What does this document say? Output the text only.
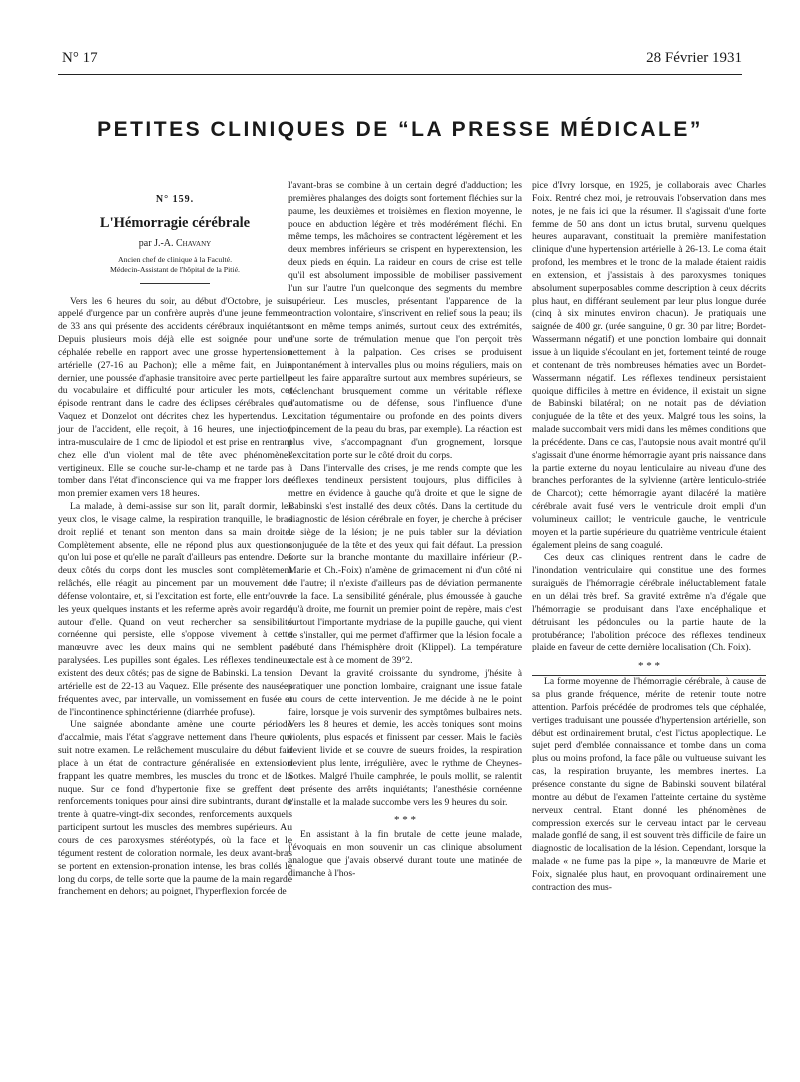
N° 17	28 Février 1931
PETITES CLINIQUES DE “LA PRESSE MÉDICALE”
N° 159.
L'Hémorragie cérébrale
par J.-A. Chavany
Ancien chef de clinique à la Faculté.
Médecin-Assistant de l'hôpital de la Pitié.

Vers les 6 heures du soir, au début d'Octobre, je suis appelé d'urgence par un confrère auprès d'une jeune femme de 33 ans qui présente des accidents cérébraux inquiétants. Depuis plusieurs mois déjà elle est soignée pour une céphalée rebelle en rapport avec une grosse hypertension artérielle (27-16 au Pachon); elle a même fait, en Juin dernier, une poussée d'aphasie transitoire avec perte partielle du vocabulaire et difficulté pour articuler les mots, cet épisode rentrant dans le cadre des éclipses cérébrales que Vaquez et Donzelot ont décrites chez les hypertendus. Le jour de l'accident, elle reçoit, à 16 heures, une injection intra-musculaire de 1 cmc de lipiodol et est prise en rentrant chez elle d'un violent mal de tête avec phénomènes vertigineux. Elle se couche sur-le-champ et ne tarde pas à tomber dans l'état d'inconscience qui va me frapper lors de mon premier examen vers 18 heures.

La malade, à demi-assise sur son lit, paraît dormir, les yeux clos, le visage calme, la respiration tranquille, le bras droit replié et tenant son menton dans sa main droite. Complètement absente, elle ne répond plus aux questions qu'on lui pose et qu'elle ne paraît d'ailleurs pas entendre. Des deux côtés du corps dont les muscles sont complètement relâchés, elle réagit au pincement par un mouvement de défense volontaire, et, si l'excitation est forte, elle entr'ouvre les yeux quelques instants et les referme après avoir regardé autour d'elle. Quand on veut rechercher sa sensibilité cornéenne qui persiste, elle s'oppose vivement à cette manœuvre avec les deux mains qui ne semblent pas paralysées. Les pupilles sont égales. Les réflexes tendineux existent des deux côtés; pas de signe de Babinski. La tension artérielle est de 22-13 au Vaquez. Elle présente des nausées fréquentes avec, par intervalle, un vomissement en fusée et de l'incontinence sphinctérienne (diarrhée profuse).

Une saignée abondante amène une courte période d'accalmie, mais l'état s'aggrave nettement dans l'heure qui suit notre examen. Le relâchement musculaire du début fait place à un état de contracture généralisée en extension frappant les quatre membres, les muscles du tronc et de la nuque. Sur ce fond d'hypertonie fixe se greffent des renforcements toniques pour ainsi dire subintrants, durant de trente à quatre-vingt-dix secondes, renforcements auxquels participent surtout les muscles des membres supérieurs. Au cours de ces paroxysmes stéréotypés, où la face et le tégument restent de coloration normale, les deux avant-bras se portent en extension-pronation intense, les bras collés le long du corps, de telle sorte que la paume de la main regarde franchement en dehors; au poignet, l'hyperflexion forcée de

l'avant-bras se combine à un certain degré d'adduction; les premières phalanges des doigts sont fortement fléchies sur la paume, les deuxièmes et troisièmes en flexion moyenne, le pouce en abduction légère et très modérément fléchi. En même temps, les mâchoires se contractent légèrement et les deux membres inférieurs se crispent en hyperextension, les deux pieds en équin. La raideur en cours de crise est telle qu'il est absolument impossible de mobiliser passivement l'un sur l'autre l'un quelconque des segments du membre supérieur. Les muscles, présentant l'apparence de la contraction volontaire, s'inscrivent en relief sous la peau; ils sont en même temps animés, surtout ceux des extrémités, d'une sorte de trémulation menue que l'on perçoit très nettement à la palpation. Ces crises se produisent spontanément à intervalles plus ou moins réguliers, mais on peut les faire apparaître surtout aux membres supérieurs, se déclenchant brusquement comme un véritable réflexe d'automatisme ou de défense, sous l'influence d'une excitation tégumentaire ou profonde en des points divers (pincement de la peau du bras, par exemple). La réaction est plus vive, s'accompagnant d'un grognement, lorsque l'excitation porte sur le côté droit du corps.

Dans l'intervalle des crises, je me rends compte que les réflexes tendineux persistent toujours, plus difficiles à mettre en évidence à gauche qu'à droite et que le signe de Babinski s'est installé des deux côtés. Dans la certitude du diagnostic de lésion cérébrale en foyer, je cherche à préciser le siège de la lésion; je ne puis tabler sur la déviation conjuguée de la tête et des yeux qui fait défaut. La pression forte sur la branche montante du maxillaire inférieur (P.-Marie et Ch.-Foix) n'amène de grimacement ni d'un côté ni de l'autre; il n'existe d'ailleurs pas de déviation permanente de la face. La sensibilité générale, plus émoussée à gauche qu'à droite, me fournit un premier point de repère, mais c'est surtout l'importante mydriase de la pupille gauche, qui vient de s'installer, qui me permet d'affirmer que la lésion focale a débuté dans l'hémisphère droit (Klippel). La température rectale est à ce moment de 39°2.

Devant la gravité croissante du syndrome, j'hésite à pratiquer une ponction lombaire, craignant une issue fatale au cours de cette intervention. Je me décide à ne le point faire, lorsque je vois survenir des symptômes bulbaires nets. Vers les 8 heures et demie, les accès toniques sont moins violents, plus espacés et finissent par cesser. Mais le faciès devient livide et se couvre de sueurs froides, la respiration devient plus lente, irrégulière, avec le rythme de Cheynes-Sotkes. Malgré l'huile camphrée, le pouls mollit, se ralentit et présente des arrêts inquiétants; l'anesthésie cornéenne s'installe et la malade succombe vers les 9 heures du soir.

* * *

En assistant à la fin brutale de cette jeune malade, j'évoquais en mon souvenir un cas clinique absolument analogue que j'avais observé durant toute une matinée de dimanche à l'hos-

pice d'Ivry lorsque, en 1925, je collaborais avec Charles Foix. Rentré chez moi, je retrouvais l'observation dans mes notes, je ne fais ici que la résumer. Il s'agissait d'une forte femme de 50 ans dont un ictus brutal, survenu quelques heures auparavant, constituait la première manifestation clinique d'une hypertension artérielle à 26-13. Le coma était profond, les membres et le tronc de la malade étaient raidis en extension, et j'assistais à des paroxysmes toniques absolument superposables comme description à ceux décrits plus haut, en différant seulement par leur plus longue durée (cinq à six minutes environ chacun). Je pratiquais une saignée de 400 gr. (urée sanguine, 0 gr. 30 par litre; Bordet-Wassermann négatif) et une ponction lombaire qui donnait issue à un liquide s'écoulant en jet, fortement teinté de rouge et contenant de très nombreuses hématies avec un Bordet-Wassermann négatif. Les réflexes tendineux persistaient quoique difficiles à mettre en évidence, il existait un signe de Babinski bilatéral; on ne notait pas de déviation conjuguée de la tête et des yeux. Malgré tous les soins, la malade succombait vers midi dans les mêmes conditions que la précédente. Dans ce cas, l'autopsie nous avait montré qu'il s'agissait d'une énorme hémorragie ayant pris naissance dans la partie externe du noyau lenticulaire au niveau d'une des branches perforantes de la sylvienne (artère lenticulo-striée de Charcot); cette hémorragie ayant dilacéré la matière cérébrale avait fusé vers le ventricule droit empli d'un volumineux caillot; le ventricule gauche, le ventricule moyen et la partie supérieure du quatrième ventricule étaient également pleins de sang coagulé.

Ces deux cas cliniques rentrent dans le cadre de l'inondation ventriculaire qui constitue une des formes suraiguës de l'hémorragie cérébrale inéluctablement fatale en un délai très bref. Sa gravité extrême n'a d'égale que l'hémorragie se produisant dans l'axe encéphalique et détruisant les pédoncules ou la partie haute de la protubérance; l'abolition précoce des réflexes tendineux plaide en faveur de cette dernière localisation (Ch. Foix).

* * *

La forme moyenne de l'hémorragie cérébrale, à cause de sa plus grande fréquence, mérite de retenir toute notre attention. Parfois précédée de prodromes tels que céphalée, vertiges traduisant une poussée d'hypertension artérielle, son début est ordinairement brutal, c'est l'ictus apoplectique. Le sujet perd d'emblée connaissance et tombe dans un coma plus ou moins profond, la face pâle ou vultueuse suivant les cas, la respiration bruyante, les membres inertes. La présence constante du signe de Babinski souvent bilatéral montre au début de l'examen l'atteinte certaine du système nerveux central. Etant donné les phénomènes de compression exercés sur le cerveau intact par le cerveau malade gonflé de sang, il est souvent très difficile de faire un diagnostic de localisation de la lésion. Cependant, lorsque la malade « ne fume pas la pipe », la manœuvre de Marie et Foix, signalée plus haut, en provoquant ordinairement une contraction des mus-
